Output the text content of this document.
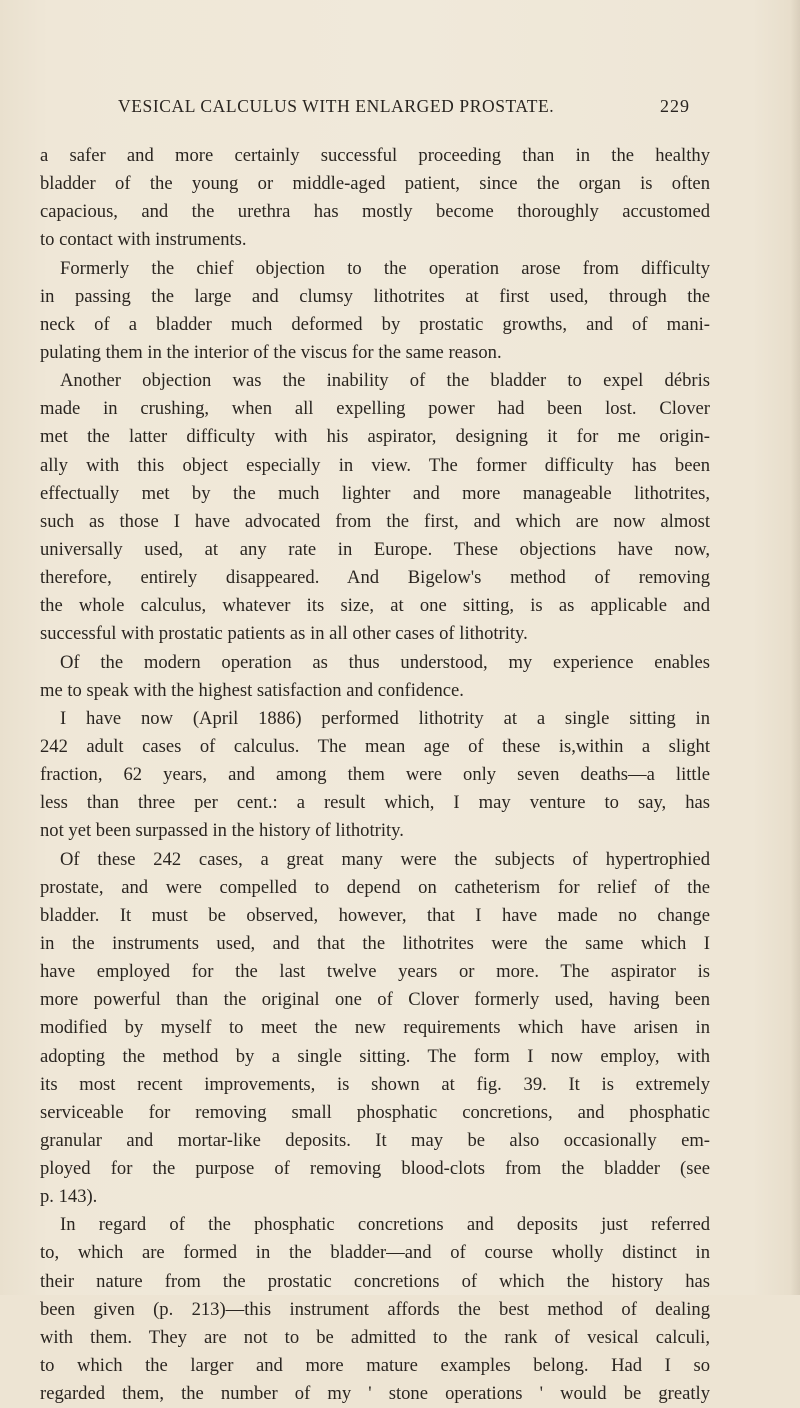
VESICAL CALCULUS WITH ENLARGED PROSTATE.	229
a safer and more certainly successful proceeding than in the healthy
bladder of the young or middle-aged patient, since the organ is often
capacious, and the urethra has mostly become thoroughly accustomed
to contact with instruments.
Formerly the chief objection to the operation arose from difficulty
in passing the large and clumsy lithotrites at first used, through the
neck of a bladder much deformed by prostatic growths, and of mani-
pulating them in the interior of the viscus for the same reason.
Another objection was the inability of the bladder to expel débris
made in crushing, when all expelling power had been lost. Clover
met the latter difficulty with his aspirator, designing it for me origin-
ally with this object especially in view. The former difficulty has been
effectually met by the much lighter and more manageable lithotrites,
such as those I have advocated from the first, and which are now almost
universally used, at any rate in Europe. These objections have now,
therefore, entirely disappeared. And Bigelow's method of removing
the whole calculus, whatever its size, at one sitting, is as applicable and
successful with prostatic patients as in all other cases of lithotrity.
Of the modern operation as thus understood, my experience enables
me to speak with the highest satisfaction and confidence.
I have now (April 1886) performed lithotrity at a single sitting in
242 adult cases of calculus. The mean age of these is,within a slight
fraction, 62 years, and among them were only seven deaths—a little
less than three per cent.: a result which, I may venture to say, has
not yet been surpassed in the history of lithotrity.
Of these 242 cases, a great many were the subjects of hypertrophied
prostate, and were compelled to depend on catheterism for relief of the
bladder. It must be observed, however, that I have made no change
in the instruments used, and that the lithotrites were the same which I
have employed for the last twelve years or more. The aspirator is
more powerful than the original one of Clover formerly used, having been
modified by myself to meet the new requirements which have arisen in
adopting the method by a single sitting. The form I now employ, with
its most recent improvements, is shown at fig. 39. It is extremely
serviceable for removing small phosphatic concretions, and phosphatic
granular and mortar-like deposits. It may be also occasionally em-
ployed for the purpose of removing blood-clots from the bladder (see
p. 143).
In regard of the phosphatic concretions and deposits just referred
to, which are formed in the bladder—and of course wholly distinct in
their nature from the prostatic concretions of which the history has
been given (p. 213)—this instrument affords the best method of dealing
with them. They are not to be admitted to the rank of vesical calculi,
to which the larger and more mature examples belong. Had I so
regarded them, the number of my ' stone operations ' would be greatly
